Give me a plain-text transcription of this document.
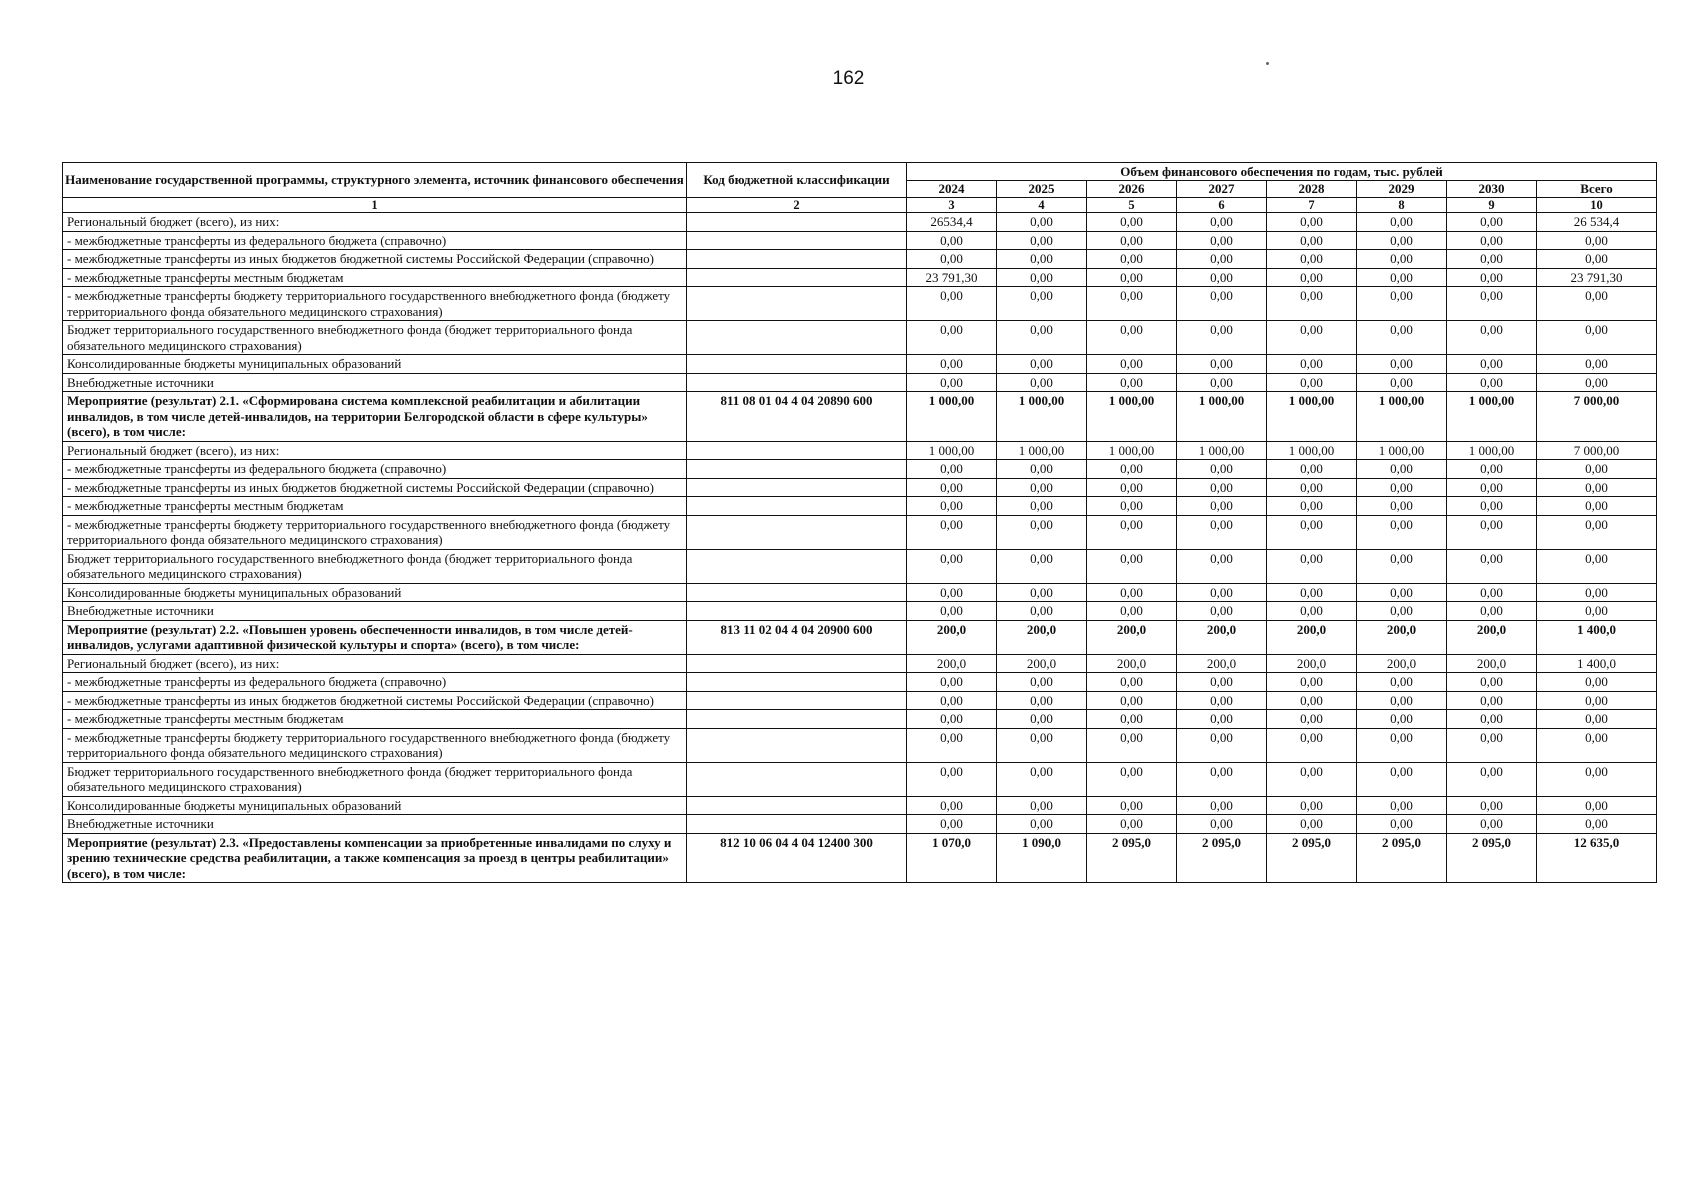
162
Наименование государственной программы, структурного элемента, источник финансового обеспечения	Код бюджетной классификации	Объем финансового обеспечения по годам, тыс. рублей							
		2024	2025	2026	2027	2028	2029	2030	Всего
1	2	3	4	5	6	7	8	9	10
Региональный бюджет (всего), из них:		26534,4	0,00	0,00	0,00	0,00	0,00	0,00	26 534,4
- межбюджетные трансферты из федерального бюджета (справочно)		0,00	0,00	0,00	0,00	0,00	0,00	0,00	0,00
- межбюджетные трансферты из иных бюджетов бюджетной системы Российской Федерации (справочно)		0,00	0,00	0,00	0,00	0,00	0,00	0,00	0,00
- межбюджетные трансферты местным бюджетам		23 791,30	0,00	0,00	0,00	0,00	0,00	0,00	23 791,30
- межбюджетные трансферты бюджету территориального государственного внебюджетного фонда (бюджету территориального фонда обязательного медицинского страхования)		0,00	0,00	0,00	0,00	0,00	0,00	0,00	0,00
Бюджет территориального государственного внебюджетного фонда (бюджет территориального фонда обязательного медицинского страхования)		0,00	0,00	0,00	0,00	0,00	0,00	0,00	0,00
Консолидированные бюджеты муниципальных образований		0,00	0,00	0,00	0,00	0,00	0,00	0,00	0,00
Внебюджетные источники		0,00	0,00	0,00	0,00	0,00	0,00	0,00	0,00
Мероприятие (результат) 2.1. «Сформирована система комплексной реабилитации и абилитации инвалидов, в том числе детей-инвалидов, на территории Белгородской области в сфере культуры» (всего), в том числе:	811 08 01 04 4 04 20890 600	1 000,00	1 000,00	1 000,00	1 000,00	1 000,00	1 000,00	1 000,00	7 000,00
Региональный бюджет (всего), из них:		1 000,00	1 000,00	1 000,00	1 000,00	1 000,00	1 000,00	1 000,00	7 000,00
- межбюджетные трансферты из федерального бюджета (справочно)		0,00	0,00	0,00	0,00	0,00	0,00	0,00	0,00
- межбюджетные трансферты из иных бюджетов бюджетной системы Российской Федерации (справочно)		0,00	0,00	0,00	0,00	0,00	0,00	0,00	0,00
- межбюджетные трансферты местным бюджетам		0,00	0,00	0,00	0,00	0,00	0,00	0,00	0,00
- межбюджетные трансферты бюджету территориального государственного внебюджетного фонда (бюджету территориального фонда обязательного медицинского страхования)		0,00	0,00	0,00	0,00	0,00	0,00	0,00	0,00
Бюджет территориального государственного внебюджетного фонда (бюджет территориального фонда обязательного медицинского страхования)		0,00	0,00	0,00	0,00	0,00	0,00	0,00	0,00
Консолидированные бюджеты муниципальных образований		0,00	0,00	0,00	0,00	0,00	0,00	0,00	0,00
Внебюджетные источники		0,00	0,00	0,00	0,00	0,00	0,00	0,00	0,00
Мероприятие (результат) 2.2. «Повышен уровень обеспеченности инвалидов, в том числе детей-инвалидов, услугами адаптивной физической культуры и спорта» (всего), в том числе:	813 11 02 04 4 04 20900 600	200,0	200,0	200,0	200,0	200,0	200,0	200,0	1 400,0
Региональный бюджет (всего), из них:		200,0	200,0	200,0	200,0	200,0	200,0	200,0	1 400,0
- межбюджетные трансферты из федерального бюджета (справочно)		0,00	0,00	0,00	0,00	0,00	0,00	0,00	0,00
- межбюджетные трансферты из иных бюджетов бюджетной системы Российской Федерации (справочно)		0,00	0,00	0,00	0,00	0,00	0,00	0,00	0,00
- межбюджетные трансферты местным бюджетам		0,00	0,00	0,00	0,00	0,00	0,00	0,00	0,00
- межбюджетные трансферты бюджету территориального государственного внебюджетного фонда (бюджету территориального фонда обязательного медицинского страхования)		0,00	0,00	0,00	0,00	0,00	0,00	0,00	0,00
Бюджет территориального государственного внебюджетного фонда (бюджет территориального фонда обязательного медицинского страхования)		0,00	0,00	0,00	0,00	0,00	0,00	0,00	0,00
Консолидированные бюджеты муниципальных образований		0,00	0,00	0,00	0,00	0,00	0,00	0,00	0,00
Внебюджетные источники		0,00	0,00	0,00	0,00	0,00	0,00	0,00	0,00
Мероприятие (результат) 2.3. «Предоставлены компенсации за приобретенные инвалидами по слуху и зрению технические средства реабилитации, а также компенсация за проезд в центры реабилитации» (всего), в том числе:	812 10 06 04 4 04 12400 300	1 070,0	1 090,0	2 095,0	2 095,0	2 095,0	2 095,0	2 095,0	12 635,0
